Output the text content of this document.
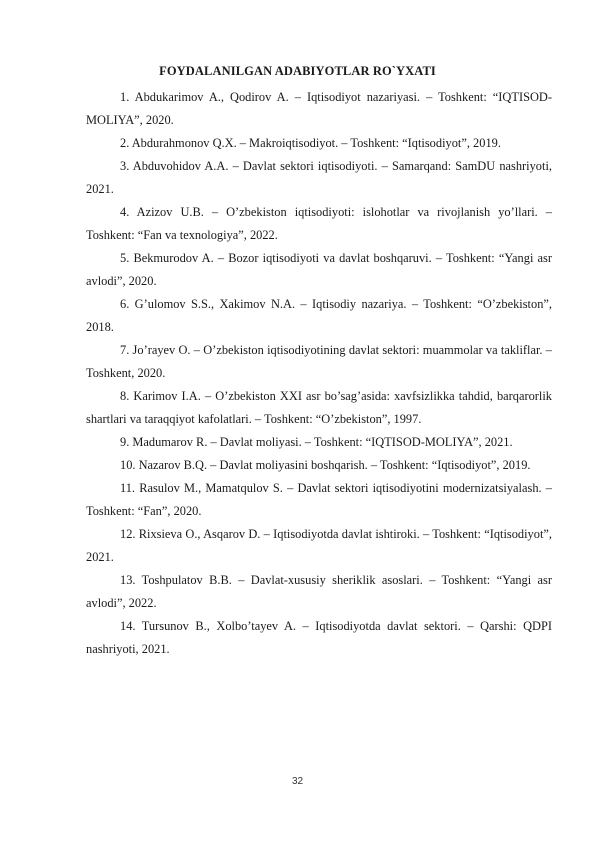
FOYDALANILGAN ADABIYOTLAR RO`YXATI
1. Abdukarimov A., Qodirov A. – Iqtisodiyot nazariyasi. – Toshkent: “IQTISOD-MOLIYA”, 2020.
2. Abdurahmonov Q.X. – Makroiqtisodiyot. – Toshkent: “Iqtisodiyot”, 2019.
3. Abduvohidov A.A. – Davlat sektori iqtisodiyoti. – Samarqand: SamDU nashriyoti, 2021.
4. Azizov U.B. – O’zbekiston iqtisodiyoti: islohotlar va rivojlanish yo’llari. – Toshkent: “Fan va texnologiya”, 2022.
5. Bekmurodov A. – Bozor iqtisodiyoti va davlat boshqaruvi. – Toshkent: “Yangi asr avlodi”, 2020.
6. G’ulomov S.S., Xakimov N.A. – Iqtisodiy nazariya. – Toshkent: “O’zbekiston”, 2018.
7. Jo’rayev O. – O’zbekiston iqtisodiyotining davlat sektori: muammolar va takliflar. – Toshkent, 2020.
8. Karimov I.A. – O’zbekiston XXI asr bo’sag’asida: xavfsizlikka tahdid, barqarorlik shartlari va taraqqiyot kafolatlari. – Toshkent: “O’zbekiston”, 1997.
9. Madumarov R. – Davlat moliyasi. – Toshkent: “IQTISOD-MOLIYA”, 2021.
10. Nazarov B.Q. – Davlat moliyasini boshqarish. – Toshkent: “Iqtisodiyot”, 2019.
11. Rasulov M., Mamatqulov S. – Davlat sektori iqtisodiyotini modernizatsiyalash. – Toshkent: “Fan”, 2020.
12. Rixsieva O., Asqarov D. – Iqtisodiyotda davlat ishtiroki. – Toshkent: “Iqtisodiyot”, 2021.
13. Toshpulatov B.B. – Davlat-xususiy sheriklik asoslari. – Toshkent: “Yangi asr avlodi”, 2022.
14. Tursunov B., Xolbo’tayev A. – Iqtisodiyotda davlat sektori. – Qarshi: QDPI nashriyoti, 2021.
32
